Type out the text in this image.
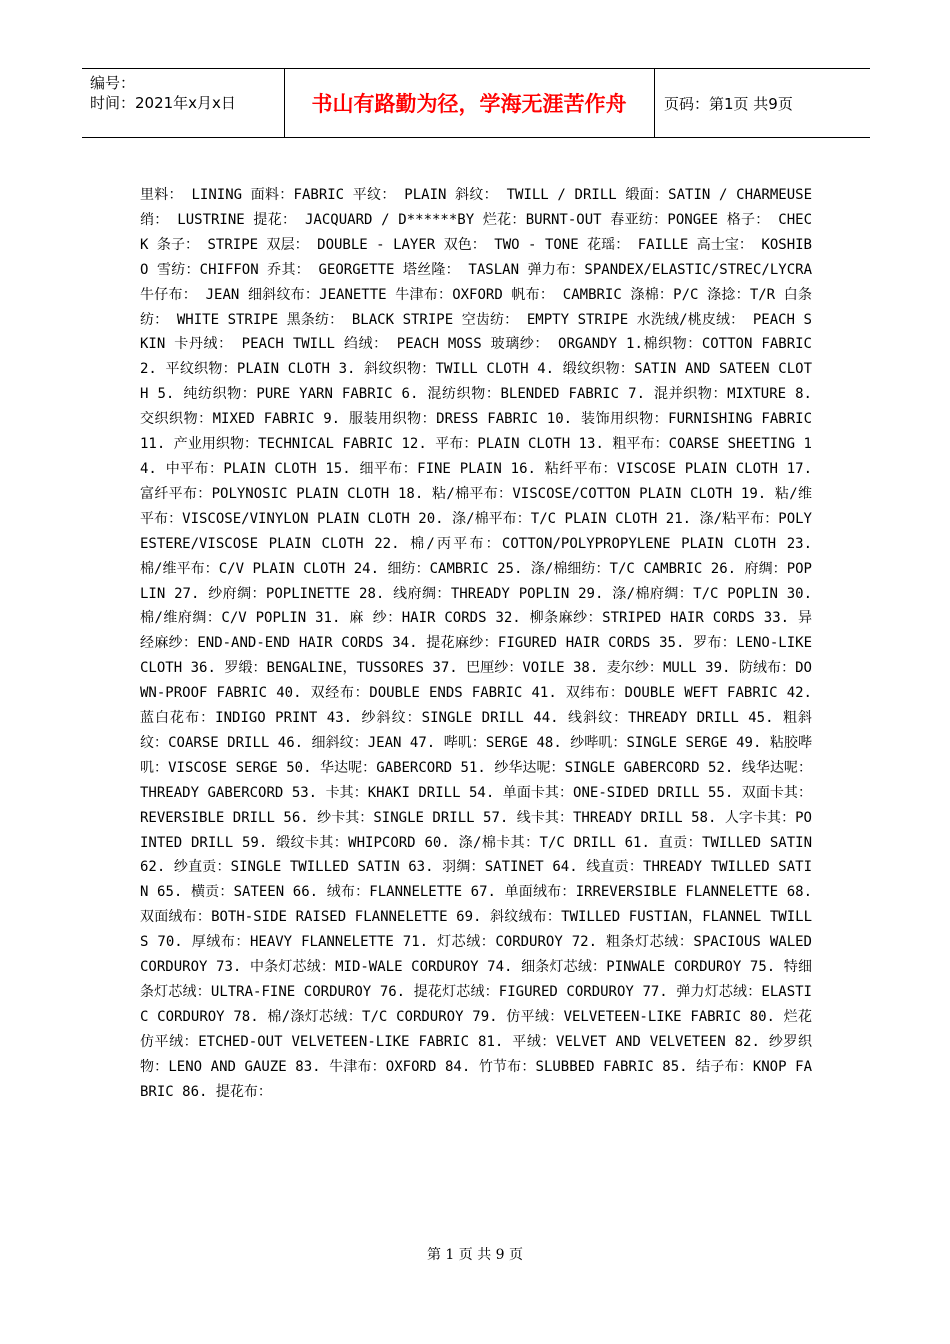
编号：
时间：2021年x月x日	书山有路勤为径，学海无涯苦作舟	页码：第1页 共9页
里料： LINING 面料：FABRIC 平纹： PLAIN 斜纹： TWILL / DRILL 缎面：SATIN / CHARMEUSE 绡： LUSTRINE 提花： JACQUARD / D******BY 烂花：BURNT-OUT 春亚纺：PONGEE 格子： CHECK 条子： STRIPE 双层： DOUBLE - LAYER 双色： TWO - TONE 花瑶： FAILLE 高士宝： KOSHIBO 雪纺：CHIFFON 乔其： GEORGETTE 塔丝隆： TASLAN 弹力布：SPANDEX/ELASTIC/STREC/LYCRA 牛仔布： JEAN 细斜纹布：JEANETTE 牛津布：OXFORD 帆布： CAMBRIC 涤棉：P/C 涤捻：T/R 白条纺： WHITE STRIPE 黑条纺： BLACK STRIPE 空齿纺： EMPTY STRIPE 水洗绒/桃皮绒： PEACH SKIN 卡丹绒： PEACH TWILL 绉绒： PEACH MOSS 玻璃纱： ORGANDY 1.棉织物：COTTON FABRIC 2. 平纹织物：PLAIN CLOTH 3. 斜纹织物：TWILL CLOTH 4. 缎纹织物：SATIN AND SATEEN CLOTH 5. 纯纺织物：PURE YARN FABRIC 6. 混纺织物：BLENDED FABRIC 7. 混并织物：MIXTURE 8. 交织织物：MIXED FABRIC 9. 服装用织物：DRESS FABRIC 10. 装饰用织物：FURNISHING FABRIC 11. 产业用织物：TECHNICAL FABRIC 12. 平布：PLAIN CLOTH 13. 粗平布：COARSE SHEETING 14. 中平布：PLAIN CLOTH 15. 细平布：FINE PLAIN 16. 粘纤平布：VISCOSE PLAIN CLOTH 17. 富纤平布：POLYNOSIC PLAIN CLOTH 18. 粘/棉平布：VISCOSE/COTTON PLAIN CLOTH 19. 粘/维平布：VISCOSE/VINYLON PLAIN CLOTH 20. 涤/棉平布：T/C PLAIN CLOTH 21. 涤/粘平布：POLYESTERE/VISCOSE PLAIN CLOTH 22. 棉/丙平布：COTTON/POLYPROPYLENE PLAIN CLOTH 23. 棉/维平布：C/V PLAIN CLOTH 24. 细纺：CAMBRIC 25. 涤/棉细纺：T/C CAMBRIC 26. 府绸：POPLIN 27. 纱府绸：POPLINETTE 28. 线府绸：THREADY POPLIN 29. 涤/棉府绸：T/C POPLIN 30. 棉/维府绸：C/V POPLIN 31. 麻 纱：HAIR CORDS 32. 柳条麻纱：STRIPED HAIR CORDS 33. 异经麻纱：END-AND-END HAIR CORDS 34. 提花麻纱：FIGURED HAIR CORDS 35. 罗布：LENO-LIKE CLOTH 36. 罗缎：BENGALINE，TUSSORES 37. 巴厘纱：VOILE 38. 麦尔纱：MULL 39. 防绒布：DOWN-PROOF FABRIC 40. 双经布：DOUBLE ENDS FABRIC 41. 双纬布：DOUBLE WEFT FABRIC 42. 蓝白花布：INDIGO PRINT 43. 纱斜纹：SINGLE DRILL 44. 线斜纹：THREADY DRILL 45. 粗斜纹：COARSE DRILL 46. 细斜纹：JEAN 47. 哔叽：SERGE 48. 纱哔叽：SINGLE SERGE 49. 粘胶哔叽：VISCOSE SERGE 50. 华达呢：GABERCORD 51. 纱华达呢：SINGLE GABERCORD 52. 线华达呢：THREADY GABERCORD 53. 卡其：KHAKI DRILL 54. 单面卡其：ONE-SIDED DRILL 55. 双面卡其：REVERSIBLE DRILL 56. 纱卡其：SINGLE DRILL 57. 线卡其：THREADY DRILL 58. 人字卡其：POINTED DRILL 59. 缎纹卡其：WHIPCORD 60. 涤/棉卡其：T/C DRILL 61. 直贡：TWILLED SATIN 62. 纱直贡：SINGLE TWILLED SATIN 63. 羽绸：SATINET 64. 线直贡：THREADY TWILLED SATIN 65. 横贡：SATEEN 66. 绒布：FLANNELETTE 67. 单面绒布：IRREVERSIBLE FLANNELETTE 68. 双面绒布：BOTH-SIDE RAISED FLANNELETTE 69. 斜纹绒布：TWILLED FUSTIAN，FLANNEL TWILLS 70. 厚绒布：HEAVY FLANNELETTE 71. 灯芯绒：CORDUROY 72. 粗条灯芯绒：SPACIOUS WALED CORDUROY 73. 中条灯芯绒：MID-WALE CORDUROY 74. 细条灯芯绒：PINWALE CORDUROY 75. 特细条灯芯绒：ULTRA-FINE CORDUROY 76. 提花灯芯绒：FIGURED CORDUROY 77. 弹力灯芯绒：ELASTIC CORDUROY 78. 棉/涤灯芯绒：T/C CORDUROY 79. 仿平绒：VELVETEEN-LIKE FABRIC 80. 烂花仿平绒：ETCHED-OUT VELVETEEN-LIKE FABRIC 81. 平绒：VELVET AND VELVETEEN 82. 纱罗织物：LENO AND GAUZE 83. 牛津布：OXFORD 84. 竹节布：SLUBBED FABRIC 85. 结子布：KNOP FABRIC 86. 提花布：
第 1 页 共 9 页
